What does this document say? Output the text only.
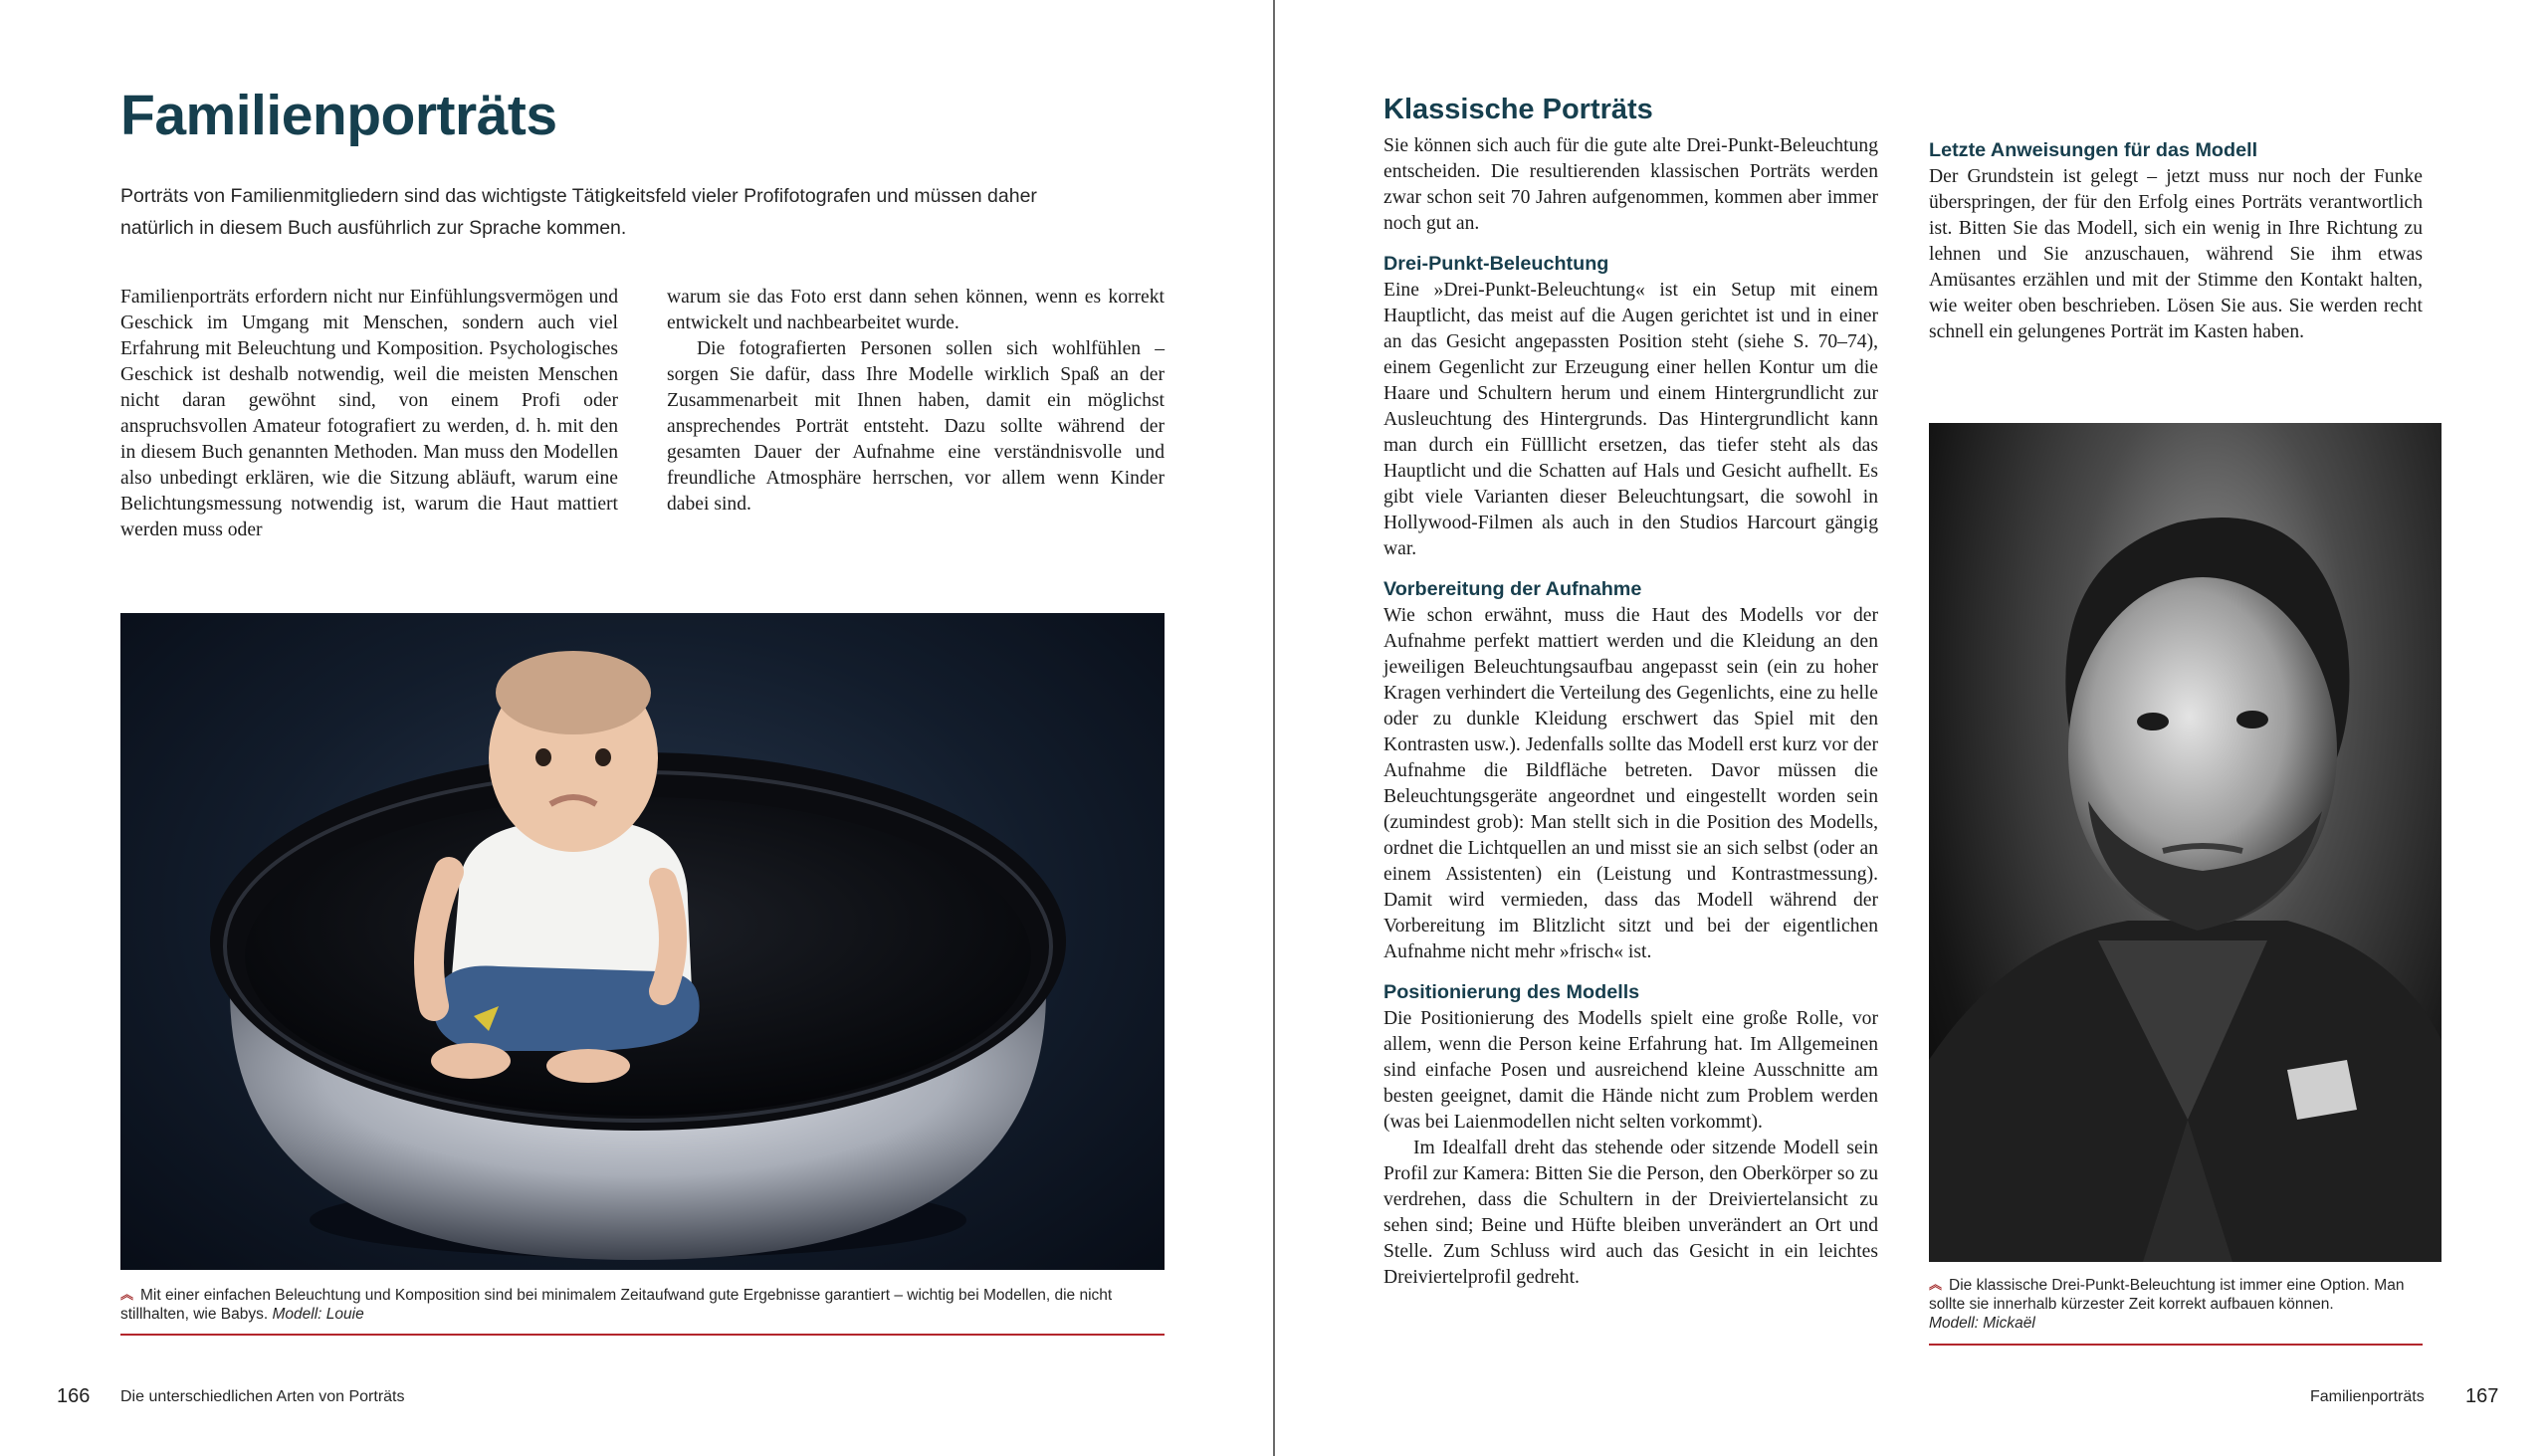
Familienporträts

Porträts von Familienmitgliedern sind das wichtigste Tätigkeitsfeld vieler Profifotografen und müssen daher natürlich in diesem Buch ausführlich zur Sprache kommen.

Familienporträts erfordern nicht nur Einfühlungsvermögen und Geschick im Umgang mit Menschen, sondern auch viel Erfahrung mit Beleuchtung und Komposition. Psychologisches Geschick ist deshalb notwendig, weil die meisten Menschen nicht daran gewöhnt sind, von einem Profi oder anspruchsvollen Amateur fotografiert zu werden, d. h. mit den in diesem Buch genannten Methoden. Man muss den Modellen also unbedingt erklären, wie die Sitzung abläuft, warum eine Belichtungsmessung notwendig ist, warum die Haut mattiert werden muss oder

warum sie das Foto erst dann sehen können, wenn es korrekt entwickelt und nachbearbeitet wurde.

Die fotografierten Personen sollen sich wohlfühlen – sorgen Sie dafür, dass Ihre Modelle wirklich Spaß an der Zusammenarbeit mit Ihnen haben, damit ein möglichst ansprechendes Porträt entsteht. Dazu sollte während der gesamten Dauer der Aufnahme eine verständnisvolle und freundliche Atmosphäre herrschen, vor allem wenn Kinder dabei sind.

︽ Mit einer einfachen Beleuchtung und Komposition sind bei minimalem Zeitaufwand gute Ergebnisse garantiert – wichtig bei Modellen, die nicht stillhalten, wie Babys. Modell: Louie
166 Die unterschiedlichen Arten von Porträts
Klassische Porträts

Sie können sich auch für die gute alte Drei-Punkt-Beleuchtung entscheiden. Die resultierenden klassischen Porträts werden zwar schon seit 70 Jahren aufgenommen, kommen aber immer noch gut an.

Drei-Punkt-Beleuchtung

Eine »Drei-Punkt-Beleuchtung« ist ein Setup mit einem Hauptlicht, das meist auf die Augen gerichtet ist und in einer an das Gesicht angepassten Position steht (siehe S. 70–74), einem Gegenlicht zur Erzeugung einer hellen Kontur um die Haare und Schultern herum und einem Hintergrundlicht zur Ausleuchtung des Hintergrunds. Das Hintergrundlicht kann man durch ein Fülllicht ersetzen, das tiefer steht als das Hauptlicht und die Schatten auf Hals und Gesicht aufhellt. Es gibt viele Varianten dieser Beleuchtungsart, die sowohl in Hollywood-Filmen als auch in den Studios Harcourt gängig war.

Vorbereitung der Aufnahme

Wie schon erwähnt, muss die Haut des Modells vor der Aufnahme perfekt mattiert werden und die Kleidung an den jeweiligen Beleuchtungsaufbau angepasst sein (ein zu hoher Kragen verhindert die Verteilung des Gegenlichts, eine zu helle oder zu dunkle Kleidung erschwert das Spiel mit den Kontrasten usw.). Jedenfalls sollte das Modell erst kurz vor der Aufnahme die Bildfläche betreten. Davor müssen die Beleuchtungsgeräte angeordnet und eingestellt worden sein (zumindest grob): Man stellt sich in die Position des Modells, ordnet die Lichtquellen an und misst sie an sich selbst (oder an einem Assistenten) ein (Leistung und Kontrastmessung). Damit wird vermieden, dass das Modell während der Vorbereitung im Blitzlicht sitzt und bei der eigentlichen Aufnahme nicht mehr »frisch« ist.

Positionierung des Modells

Die Positionierung des Modells spielt eine große Rolle, vor allem, wenn die Person keine Erfahrung hat. Im Allgemeinen sind einfache Posen und ausreichend kleine Ausschnitte am besten geeignet, damit die Hände nicht zum Problem werden (was bei Laienmodellen nicht selten vorkommt).

Im Idealfall dreht das stehende oder sitzende Modell sein Profil zur Kamera: Bitten Sie die Person, den Oberkörper so zu verdrehen, dass die Schultern in der Dreiviertelansicht zu sehen sind; Beine und Hüfte bleiben unverändert an Ort und Stelle. Zum Schluss wird auch das Gesicht in ein leichtes Dreiviertelprofil gedreht.

Letzte Anweisungen für das Modell

Der Grundstein ist gelegt – jetzt muss nur noch der Funke überspringen, der für den Erfolg eines Porträts verantwortlich ist. Bitten Sie das Modell, sich ein wenig in Ihre Richtung zu lehnen und Sie anzuschauen, während Sie ihm etwas Amüsantes erzählen und mit der Stimme den Kontakt halten, wie weiter oben beschrieben. Lösen Sie aus. Sie werden recht schnell ein gelungenes Porträt im Kasten haben.

︽ Die klassische Drei-Punkt-Beleuchtung ist immer eine Option. Man sollte sie innerhalb kürzester Zeit korrekt aufbauen können.
Modell: Mickaël
Familienporträts 167
